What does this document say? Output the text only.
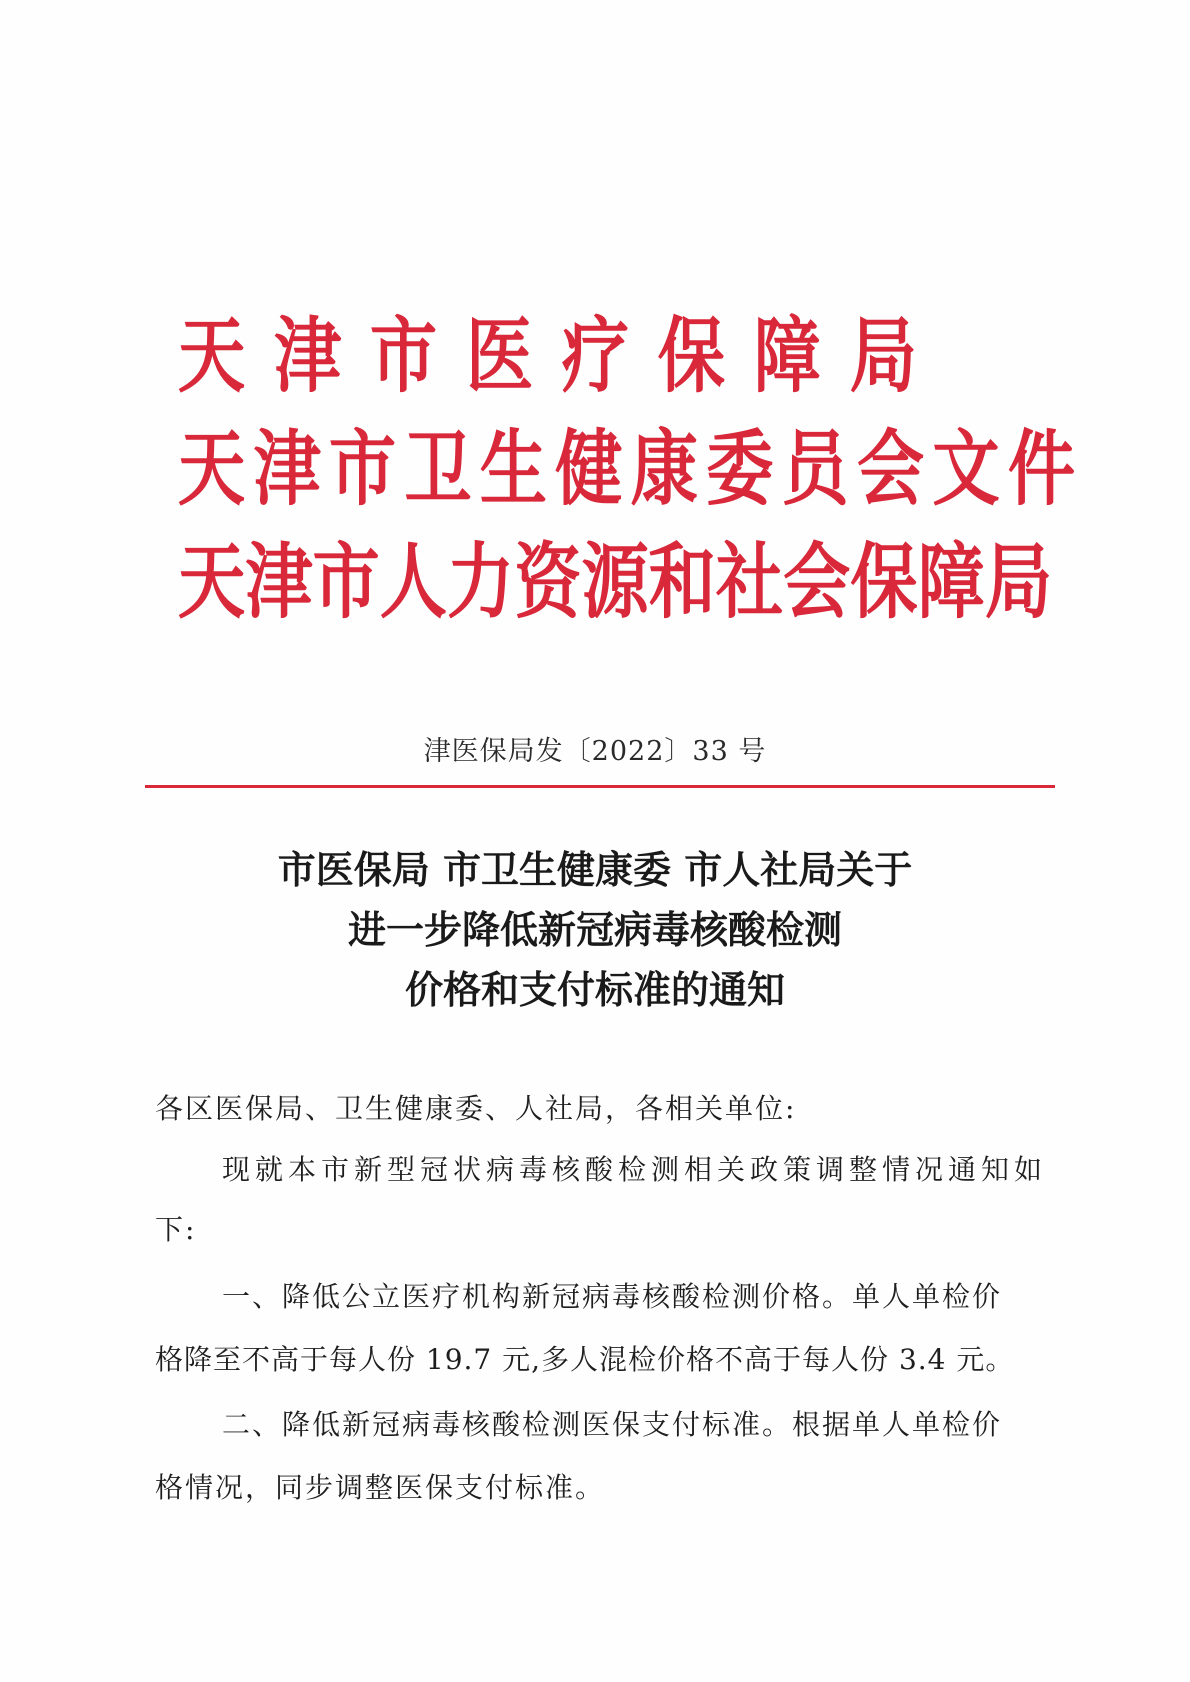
天津市医疗保障局
天津市卫生健康委员会文件
天津市人力资源和社会保障局
津医保局发〔2022〕33 号
市医保局 市卫生健康委 市人社局关于
进一步降低新冠病毒核酸检测
价格和支付标准的通知
各区医保局、卫生健康委、人社局，各相关单位:
现就本市新型冠状病毒核酸检测相关政策调整情况通知如
下:
一、降低公立医疗机构新冠病毒核酸检测价格。单人单检价
格降至不高于每人份 19.7 元,多人混检价格不高于每人份 3.4 元。
二、降低新冠病毒核酸检测医保支付标准。根据单人单检价
格情况，同步调整医保支付标准。
